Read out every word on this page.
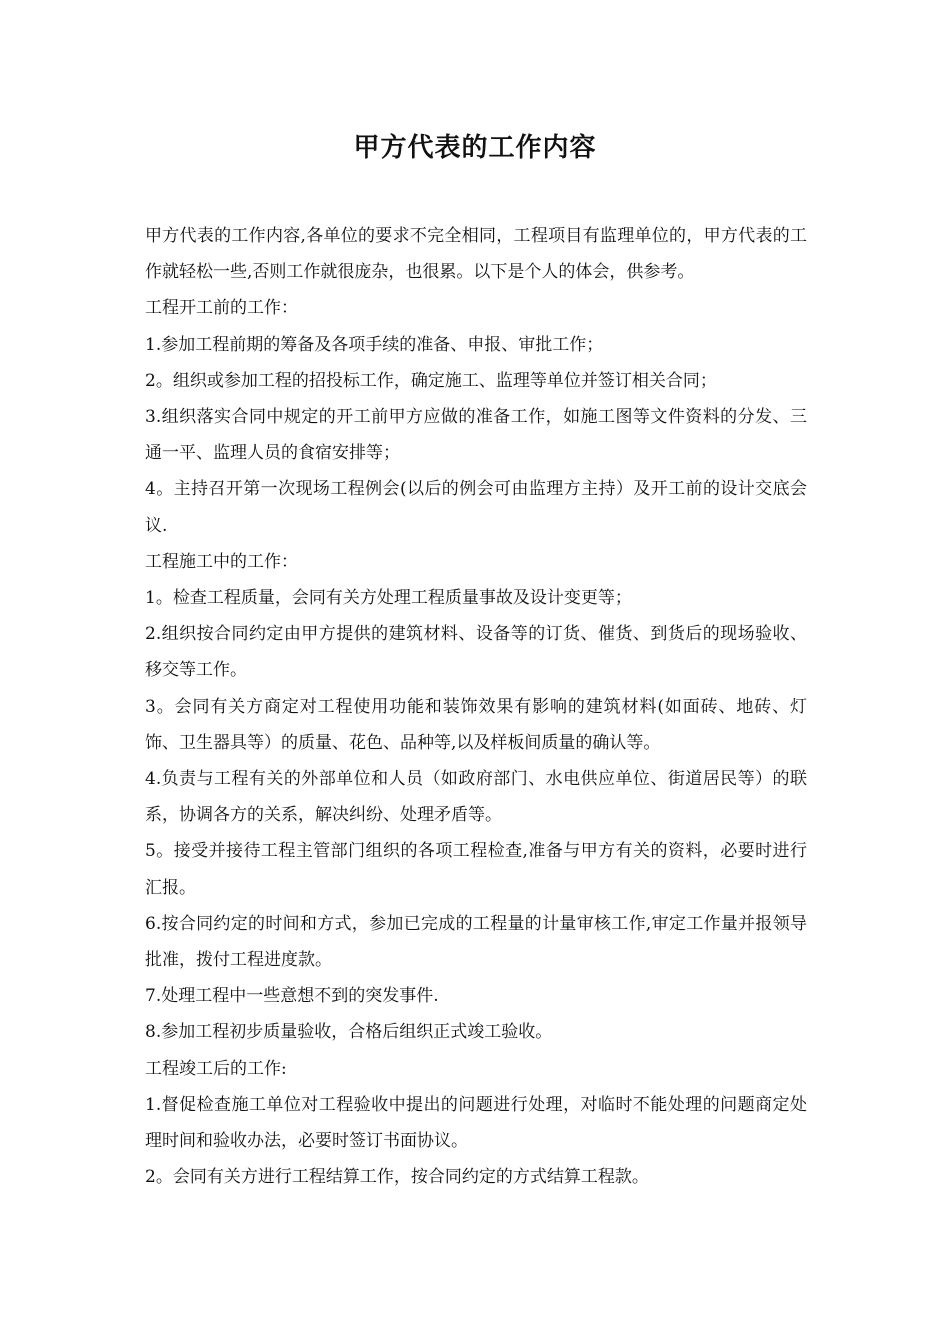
甲方代表的工作内容

甲方代表的工作内容,各单位的要求不完全相同，工程项目有监理单位的，甲方代表的工作就轻松一些,否则工作就很庞杂，也很累。以下是个人的体会，供参考。

工程开工前的工作：

1.参加工程前期的筹备及各项手续的准备、申报、审批工作；

2。组织或参加工程的招投标工作，确定施工、监理等单位并签订相关合同；

3.组织落实合同中规定的开工前甲方应做的准备工作，如施工图等文件资料的分发、三通一平、监理人员的食宿安排等；

4。主持召开第一次现场工程例会(以后的例会可由监理方主持）及开工前的设计交底会议.

工程施工中的工作：

1。检查工程质量，会同有关方处理工程质量事故及设计变更等；

2.组织按合同约定由甲方提供的建筑材料、设备等的订货、催货、到货后的现场验收、移交等工作。

3。会同有关方商定对工程使用功能和装饰效果有影响的建筑材料(如面砖、地砖、灯饰、卫生器具等）的质量、花色、品种等,以及样板间质量的确认等。

4.负责与工程有关的外部单位和人员（如政府部门、水电供应单位、街道居民等）的联系，协调各方的关系，解决纠纷、处理矛盾等。

5。接受并接待工程主管部门组织的各项工程检查,准备与甲方有关的资料，必要时进行汇报。

6.按合同约定的时间和方式，参加已完成的工程量的计量审核工作,审定工作量并报领导批准，拨付工程进度款。

7.处理工程中一些意想不到的突发事件.

8.参加工程初步质量验收，合格后组织正式竣工验收。

工程竣工后的工作:

1.督促检查施工单位对工程验收中提出的问题进行处理，对临时不能处理的问题商定处理时间和验收办法，必要时签订书面协议。

2。会同有关方进行工程结算工作，按合同约定的方式结算工程款。
